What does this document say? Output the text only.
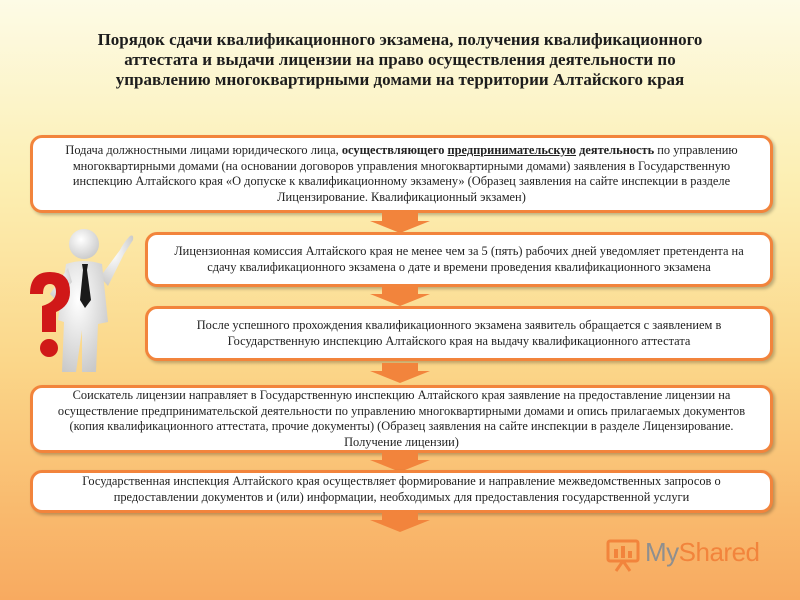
Порядок сдачи квалификационного экзамена, получения квалификационного аттестата и выдачи лицензии на право осуществления деятельности по управлению многоквартирными домами на территории Алтайского края
Подача должностными лицами юридического лица, осуществляющего предпринимательскую деятельность по управлению многоквартирными домами (на основании договоров управления многоквартирными домами) заявления в Государственную инспекцию Алтайского края «О допуске к квалификационному экзамену» (Образец заявления на сайте инспекции в разделе Лицензирование. Квалификационный экзамен)
Лицензионная комиссия Алтайского края не менее чем за 5 (пять) рабочих дней уведомляет претендента на сдачу квалификационного экзамена о дате и времени проведения квалификационного экзамена
После успешного прохождения квалификационного экзамена заявитель обращается с заявлением в Государственную инспекцию Алтайского края на выдачу квалификационного аттестата
Соискатель лицензии направляет в Государственную инспекцию Алтайского края заявление на предоставление лицензии на осуществление предпринимательской деятельности по управлению многоквартирными домами и опись прилагаемых документов (копия квалификационного аттестата, прочие документы) (Образец заявления на сайте инспекции в разделе Лицензирование. Получение лицензии)
Государственная инспекция Алтайского края осуществляет формирование и направление межведомственных запросов о предоставлении документов и (или) информации, необходимых для предоставления государственной услуги
MyShared
